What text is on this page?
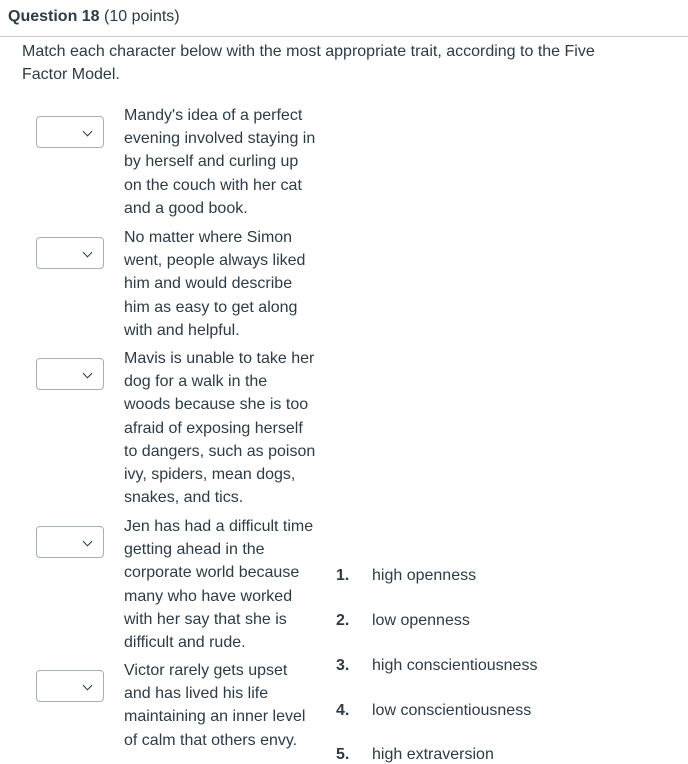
Question 18 (10 points)
Match each character below with the most appropriate trait, according to the Five Factor Model.
Mandy's idea of a perfect evening involved staying in by herself and curling up on the couch with her cat and a good book.
No matter where Simon went, people always liked him and would describe him as easy to get along with and helpful.
Mavis is unable to take her dog for a walk in the woods because she is too afraid of exposing herself to dangers, such as poison ivy, spiders, mean dogs, snakes, and tics.
Jen has had a difficult time getting ahead in the corporate world because many who have worked with her say that she is difficult and rude.
Victor rarely gets upset and has lived his life maintaining an inner level of calm that others envy.
1. high openness
2. low openness
3. high conscientiousness
4. low conscientiousness
5. high extraversion
